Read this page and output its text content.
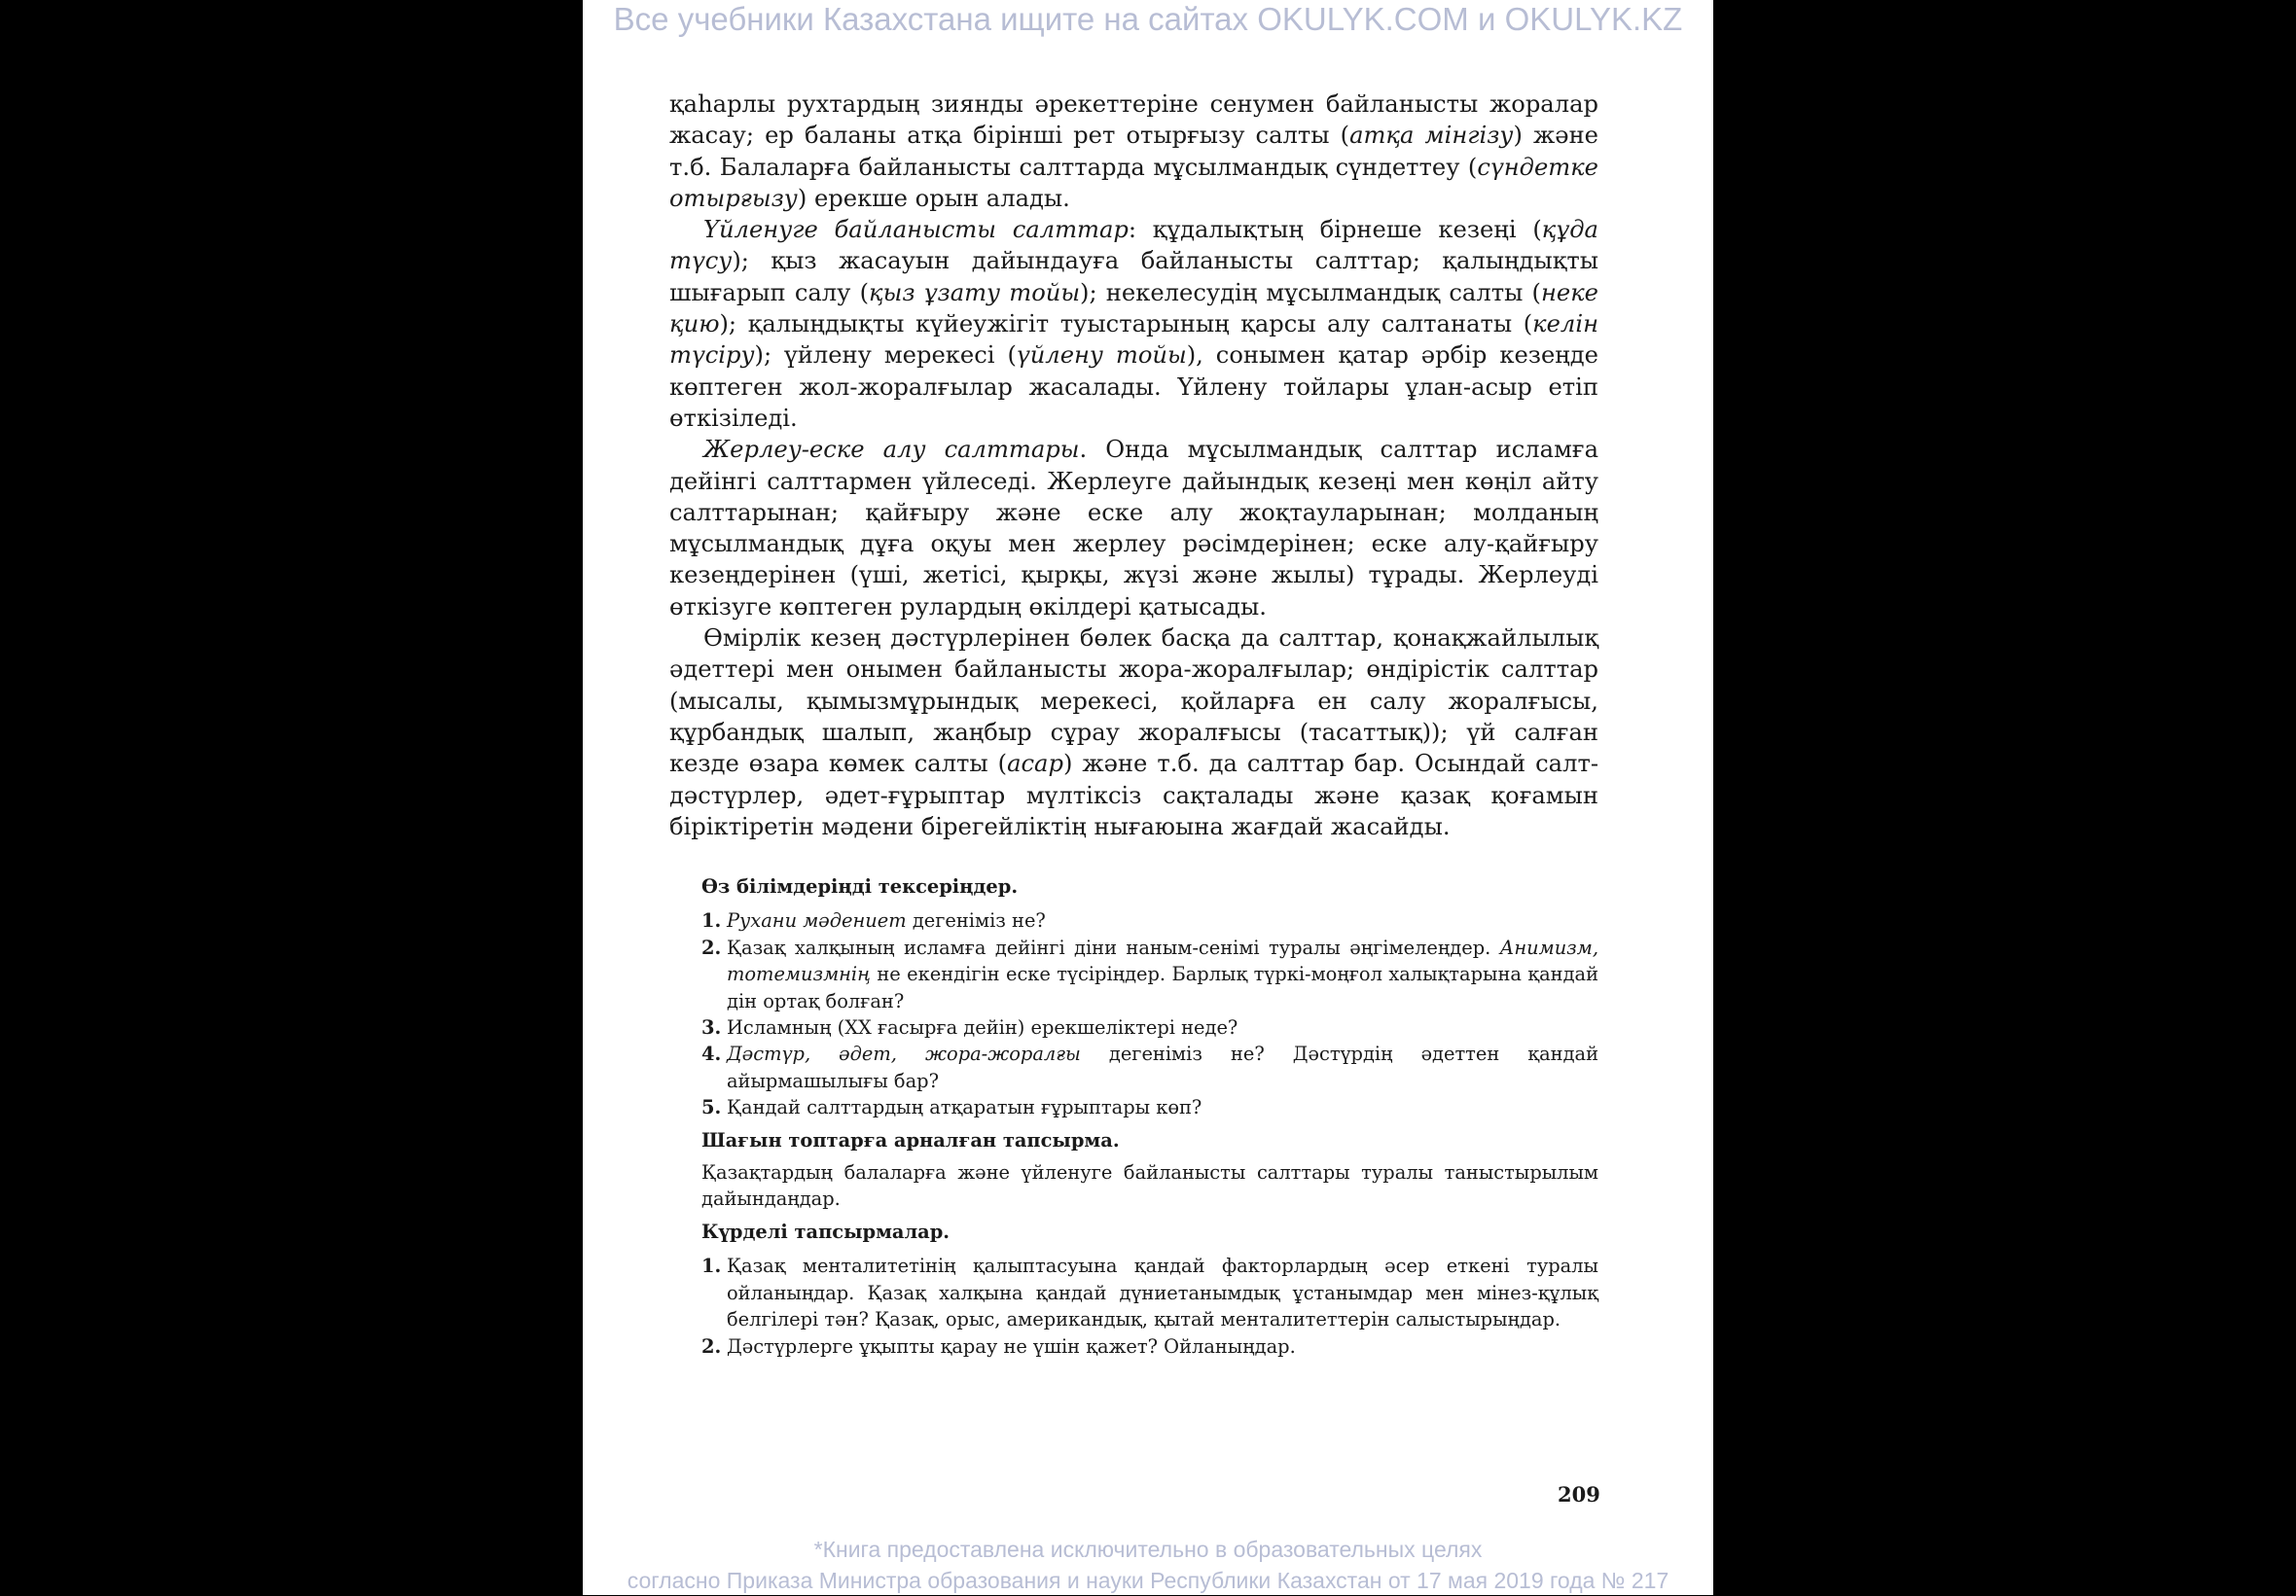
Все учебники Казахстана ищите на сайтах OKULYK.COM и OKULYK.KZ

қаһарлы рухтардың зиянды әрекеттеріне сенумен байланысты жоралар жасау; ер баланы атқа бірінші рет отырғызу салты (атқа мінгізу) және т.б. Балаларға байланысты салттарда мұсылмандық сүндеттеу (сүндетке отырғызу) ерекше орын алады.

Үйленуге байланысты салттар: құдалықтың бірнеше кезеңі (құда түсу); қыз жасауын дайындауға байланысты салттар; қалыңдықты шығарып салу (қыз ұзату тойы); некелесудің мұсылмандық салты (неке қию); қалыңдықты күйеужігіт туыстарының қарсы алу салтанаты (келін түсіру); үйлену мерекесі (үйлену тойы), сонымен қатар әрбір кезеңде көптеген жол-жоралғылар жасалады. Үйлену тойлары ұлан-асыр етіп өткізіледі.

Жерлеу-еске алу салттары. Онда мұсылмандық салттар исламға дейінгі салттармен үйлеседі. Жерлеуге дайындық кезеңі мен көңіл айту салттарынан; қайғыру және еске алу жоқтауларынан; молданың мұсылмандық дұға оқуы мен жерлеу рәсімдерінен; еске алу-қайғыру кезеңдерінен (үші, жетісі, қырқы, жүзі және жылы) тұрады. Жерлеуді өткізуге көптеген рулардың өкілдері қатысады.

Өмірлік кезең дәстүрлерінен бөлек басқа да салттар, қонақжайлылық әдеттері мен онымен байланысты жора-жоралғылар; өндірістік салттар (мысалы, қымызмұрындық мерекесі, қойларға ен салу жоралғысы, құрбандық шалып, жаңбыр сұрау жоралғысы (тасаттық)); үй салған кезде өзара көмек салты (асар) және т.б. да салттар бар. Осындай салт-дәстүрлер, әдет-ғұрыптар мүлтіксіз сақталады және қазақ қоғамын біріктіретін мәдени бірегейліктің нығаюына жағдай жасайды.

Өз білімдеріңді тексеріңдер.

1. Рухани мәдениет дегеніміз не?
2. Қазақ халқының исламға дейінгі діни наным-сенімі туралы әңгімелеңдер. Анимизм, тотемизмнің не екендігін еске түсіріңдер. Барлық түркі-моңғол халықтарына қандай дін ортақ болған?
3. Исламның (XX ғасырға дейін) ерекшеліктері неде?
4. Дәстүр, әдет, жора-жоралғы дегеніміз не? Дәстүрдің әдеттен қандай айырмашылығы бар?
5. Қандай салттардың атқаратын ғұрыптары көп?

Шағын топтарға арналған тапсырма.

Қазақтардың балаларға және үйленуге байланысты салттары туралы таныстырылым дайындаңдар.

Күрделі тапсырмалар.

1. Қазақ менталитетінің қалыптасуына қандай факторлардың әсер еткені туралы ойланыңдар. Қазақ халқына қандай дүниетанымдық ұстанымдар мен мінез-құлық белгілері тән? Қазақ, орыс, американдық, қытай менталитеттерін салыстырыңдар.
2. Дәстүрлерге ұқыпты қарау не үшін қажет? Ойланыңдар.
209
*Книга предоставлена исключительно в образовательных целях
согласно Приказа Министра образования и науки Республики Казахстан от 17 мая 2019 года № 217
